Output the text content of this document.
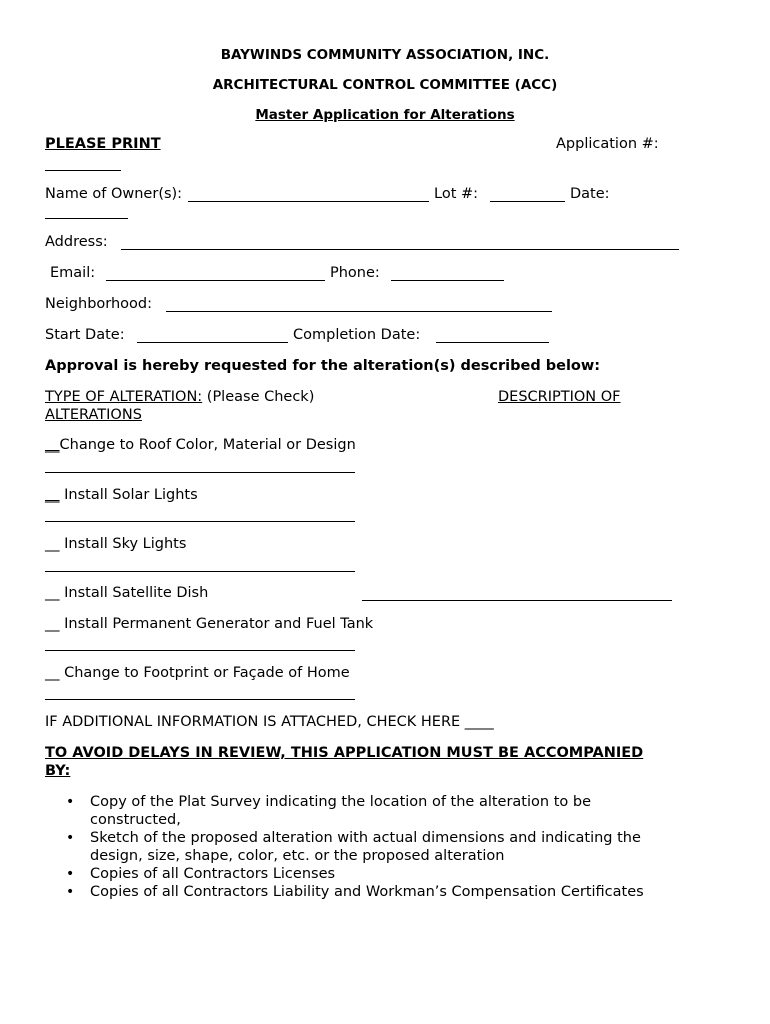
BAYWINDS COMMUNITY ASSOCIATION, INC.
ARCHITECTURAL CONTROL COMMITTEE (ACC)
Master Application for Alterations
PLEASE PRINT	Application #:
Name of Owner(s):	Lot #:	Date:
Address:
Email:	Phone:
Neighborhood:
Start Date:	Completion Date:
Approval is hereby requested for the alteration(s) described below:
TYPE OF ALTERATION: (Please Check)	DESCRIPTION OF
ALTERATIONS
__Change to Roof Color, Material or Design
__ Install Solar Lights
__ Install Sky Lights
__ Install Satellite Dish
__ Install Permanent Generator and Fuel Tank
__ Change to Footprint or Façade of Home
IF ADDITIONAL INFORMATION IS ATTACHED, CHECK HERE ____
TO AVOID DELAYS IN REVIEW, THIS APPLICATION MUST BE ACCOMPANIED
BY:
• Copy of the Plat Survey indicating the location of the alteration to be constructed,
• Sketch of the proposed alteration with actual dimensions and indicating the design, size, shape, color, etc. or the proposed alteration
• Copies of all Contractors Licenses
• Copies of all Contractors Liability and Workman’s Compensation Certificates
